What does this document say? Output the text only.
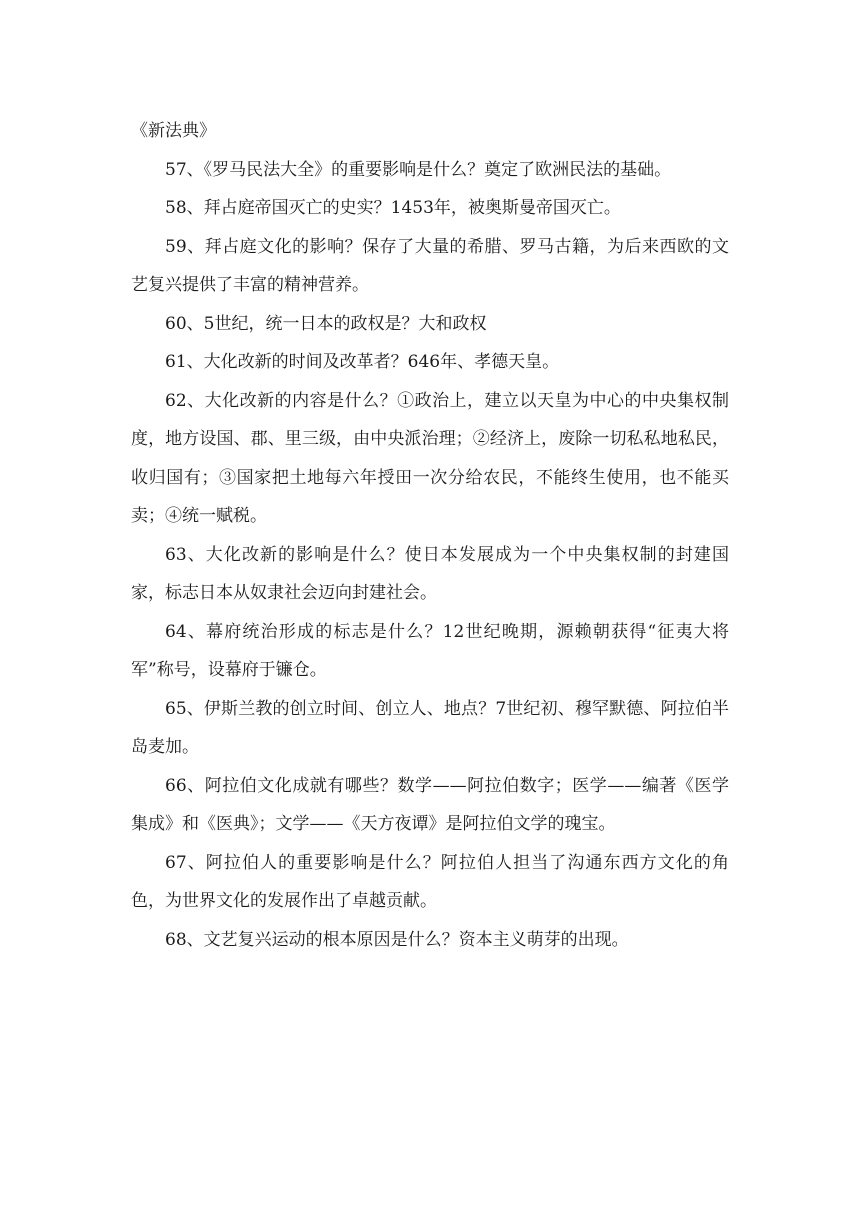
《新法典》

57、《罗马民法大全》的重要影响是什么？奠定了欧洲民法的基础。

58、拜占庭帝国灭亡的史实？1453年，被奥斯曼帝国灭亡。

59、拜占庭文化的影响？保存了大量的希腊、罗马古籍，为后来西欧的文艺复兴提供了丰富的精神营养。

60、5世纪，统一日本的政权是？大和政权

61、大化改新的时间及改革者？646年、孝德天皇。

62、大化改新的内容是什么？①政治上，建立以天皇为中心的中央集权制度，地方设国、郡、里三级，由中央派治理；②经济上，废除一切私私地私民，收归国有；③国家把土地每六年授田一次分给农民，不能终生使用，也不能买卖；④统一赋税。

63、大化改新的影响是什么？使日本发展成为一个中央集权制的封建国家，标志日本从奴隶社会迈向封建社会。

64、幕府统治形成的标志是什么？12世纪晚期，源赖朝获得“征夷大将军”称号，设幕府于镰仓。

65、伊斯兰教的创立时间、创立人、地点？7世纪初、穆罕默德、阿拉伯半岛麦加。

66、阿拉伯文化成就有哪些？数学——阿拉伯数字；医学——编著《医学集成》和《医典》；文学——《天方夜谭》是阿拉伯文学的瑰宝。

67、阿拉伯人的重要影响是什么？阿拉伯人担当了沟通东西方文化的角色，为世界文化的发展作出了卓越贡献。

68、文艺复兴运动的根本原因是什么？资本主义萌芽的出现。
